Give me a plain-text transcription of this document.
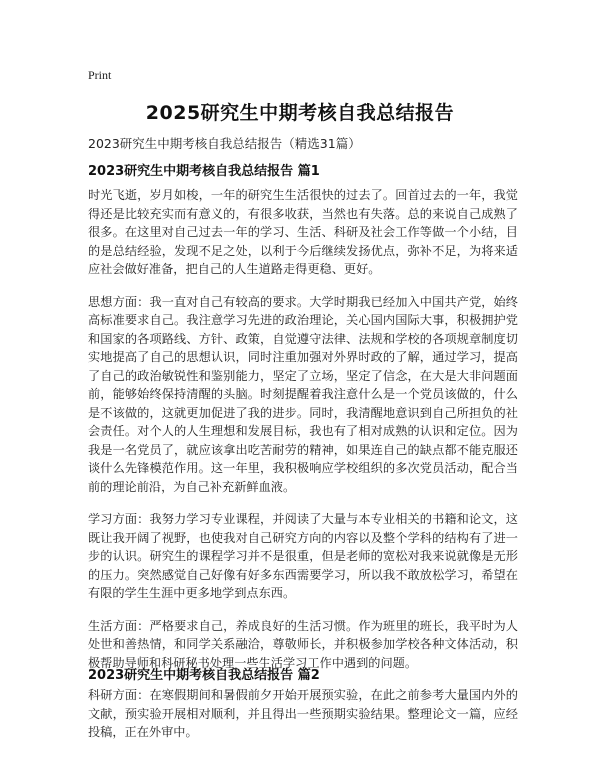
Print
2025研究生中期考核自我总结报告

2023研究生中期考核自我总结报告（精选31篇）

2023研究生中期考核自我总结报告 篇1

时光飞逝，岁月如梭，一年的研究生生活很快的过去了。回首过去的一年，我觉得还是比较充实而有意义的，有很多收获，当然也有失落。总的来说自己成熟了很多。在这里对自己过去一年的学习、生活、科研及社会工作等做一个小结，目的是总结经验，发现不足之处，以利于今后继续发扬优点，弥补不足，为将来适应社会做好准备，把自己的人生道路走得更稳、更好。

思想方面：我一直对自己有较高的要求。大学时期我已经加入中国共产党，始终高标准要求自己。我注意学习先进的政治理论，关心国内国际大事，积极拥护党和国家的各项路线、方针、政策，自觉遵守法律、法规和学校的各项规章制度切实地提高了自己的思想认识，同时注重加强对外界时政的了解，通过学习，提高了自己的政治敏锐性和鉴别能力，坚定了立场，坚定了信念，在大是大非问题面前，能够始终保持清醒的头脑。时刻提醒着我注意什么是一个党员该做的，什么是不该做的，这就更加促进了我的进步。同时，我清醒地意识到自己所担负的社会责任。对个人的人生理想和发展目标，我也有了相对成熟的认识和定位。因为我是一名党员了，就应该拿出吃苦耐劳的精神，如果连自己的缺点都不能克服还谈什么先锋模范作用。这一年里，我积极响应学校组织的多次党员活动，配合当前的理论前沿，为自己补充新鲜血液。

学习方面：我努力学习专业课程，并阅读了大量与本专业相关的书籍和论文，这既让我开阔了视野，也使我对自己研究方向的内容以及整个学科的结构有了进一步的认识。研究生的课程学习并不是很重，但是老师的宽松对我来说就像是无形的压力。突然感觉自己好像有好多东西需要学习，所以我不敢放松学习，希望在有限的学生生涯中更多地学到点东西。

生活方面：严格要求自己，养成良好的生活习惯。作为班里的班长，我平时为人处世和善热情，和同学关系融洽，尊敬师长，并积极参加学校各种文体活动，积极帮助导师和科研秘书处理一些生活学习工作中遇到的问题。

科研方面：在寒假期间和暑假前夕开始开展预实验，在此之前参考大量国内外的文献，预实验开展相对顺利，并且得出一些预期实验结果。整理论文一篇，应经投稿，正在外审中。

2023研究生中期考核自我总结报告 篇2
